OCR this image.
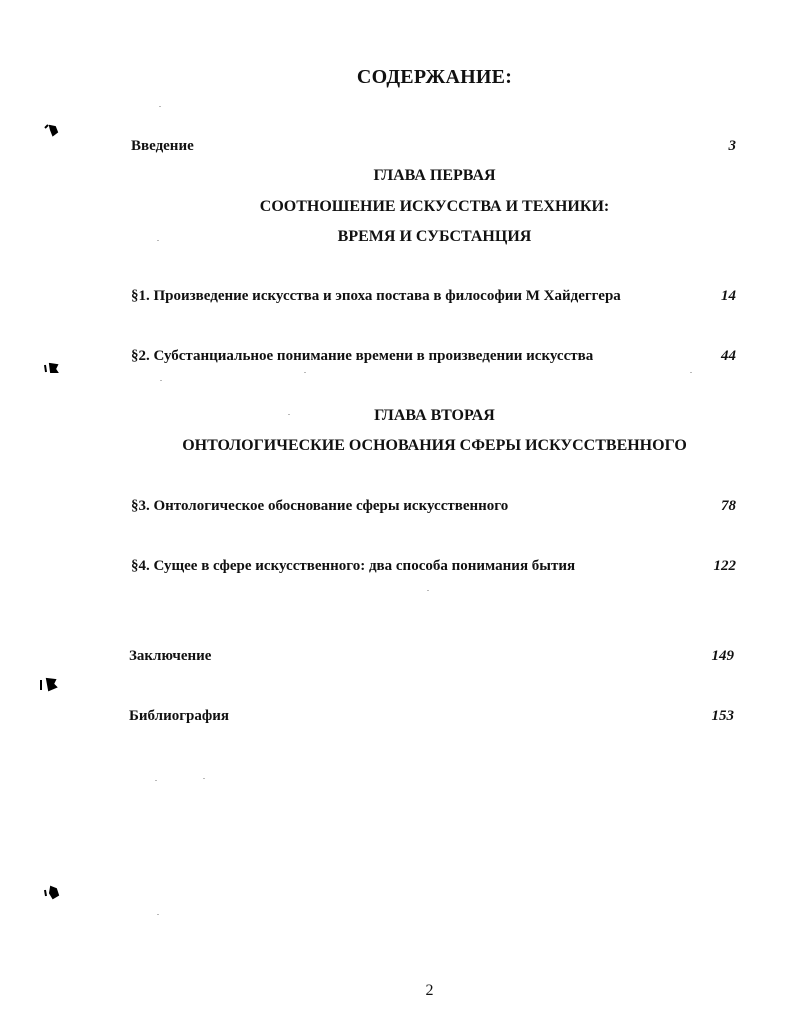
СОДЕРЖАНИЕ:
Введение	3
ГЛАВА ПЕРВАЯ
СООТНОШЕНИЕ ИСКУССТВА И ТЕХНИКИ:
ВРЕМЯ И СУБСТАНЦИЯ
§1. Произведение искусства и эпоха постава в философии М Хайдеггера	14
§2. Субстанциальное понимание времени в произведении искусства	44
ГЛАВА ВТОРАЯ
ОНТОЛОГИЧЕСКИЕ ОСНОВАНИЯ СФЕРЫ ИСКУССТВЕННОГО
§3. Онтологическое обоснование сферы искусственного	78
§4. Сущее в сфере искусственного: два способа понимания бытия	122
Заключение	149
Библиография	153
2
